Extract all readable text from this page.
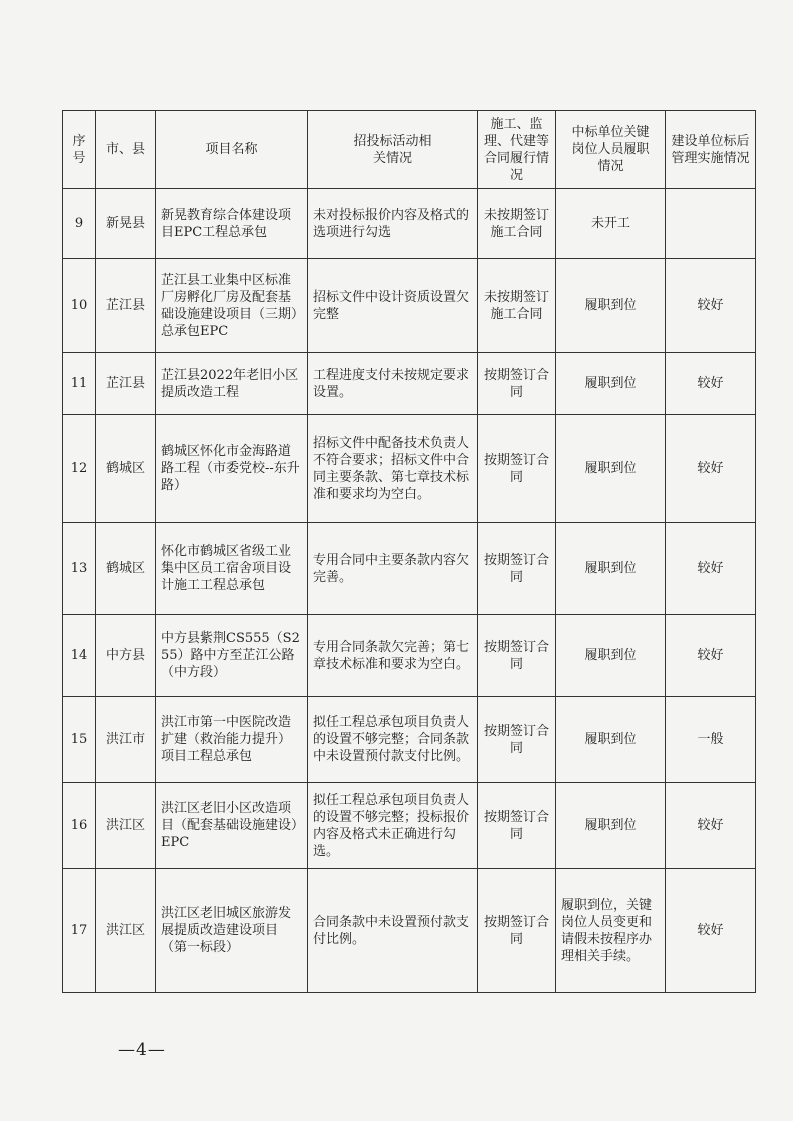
序号	市、县	项目名称	招投标活动相关情况	施工、监理、代建等合同履行情况	中标单位关键岗位人员履职情况	建设单位标后管理实施情况
9	新晃县	新晃教育综合体建设项目EPC工程总承包	未对投标报价内容及格式的选项进行勾选	未按期签订施工合同	未开工	
10	芷江县	芷江县工业集中区标准厂房孵化厂房及配套基础设施建设项目（三期）总承包EPC	招标文件中设计资质设置欠完整	未按期签订施工合同	履职到位	较好
11	芷江县	芷江县2022年老旧小区提质改造工程	工程进度支付未按规定要求设置。	按期签订合同	履职到位	较好
12	鹤城区	鹤城区怀化市金海路道路工程（市委党校--东升路）	招标文件中配备技术负责人不符合要求；招标文件中合同主要条款、第七章技术标准和要求均为空白。	按期签订合同	履职到位	较好
13	鹤城区	怀化市鹤城区省级工业集中区员工宿舍项目设计施工工程总承包	专用合同中主要条款内容欠完善。	按期签订合同	履职到位	较好
14	中方县	中方县紫荆CS555（S255）路中方至芷江公路（中方段）	专用合同条款欠完善；第七章技术标准和要求为空白。	按期签订合同	履职到位	较好
15	洪江市	洪江市第一中医院改造扩建（救治能力提升）项目工程总承包	拟任工程总承包项目负责人的设置不够完整；合同条款中未设置预付款支付比例。	按期签订合同	履职到位	一般
16	洪江区	洪江区老旧小区改造项目（配套基础设施建设）EPC	拟任工程总承包项目负责人的设置不够完整；投标报价内容及格式未正确进行勾选。	按期签订合同	履职到位	较好
17	洪江区	洪江区老旧城区旅游发展提质改造建设项目（第一标段）	合同条款中未设置预付款支付比例。	按期签订合同	履职到位，关键岗位人员变更和请假未按程序办理相关手续。	较好
—4—
